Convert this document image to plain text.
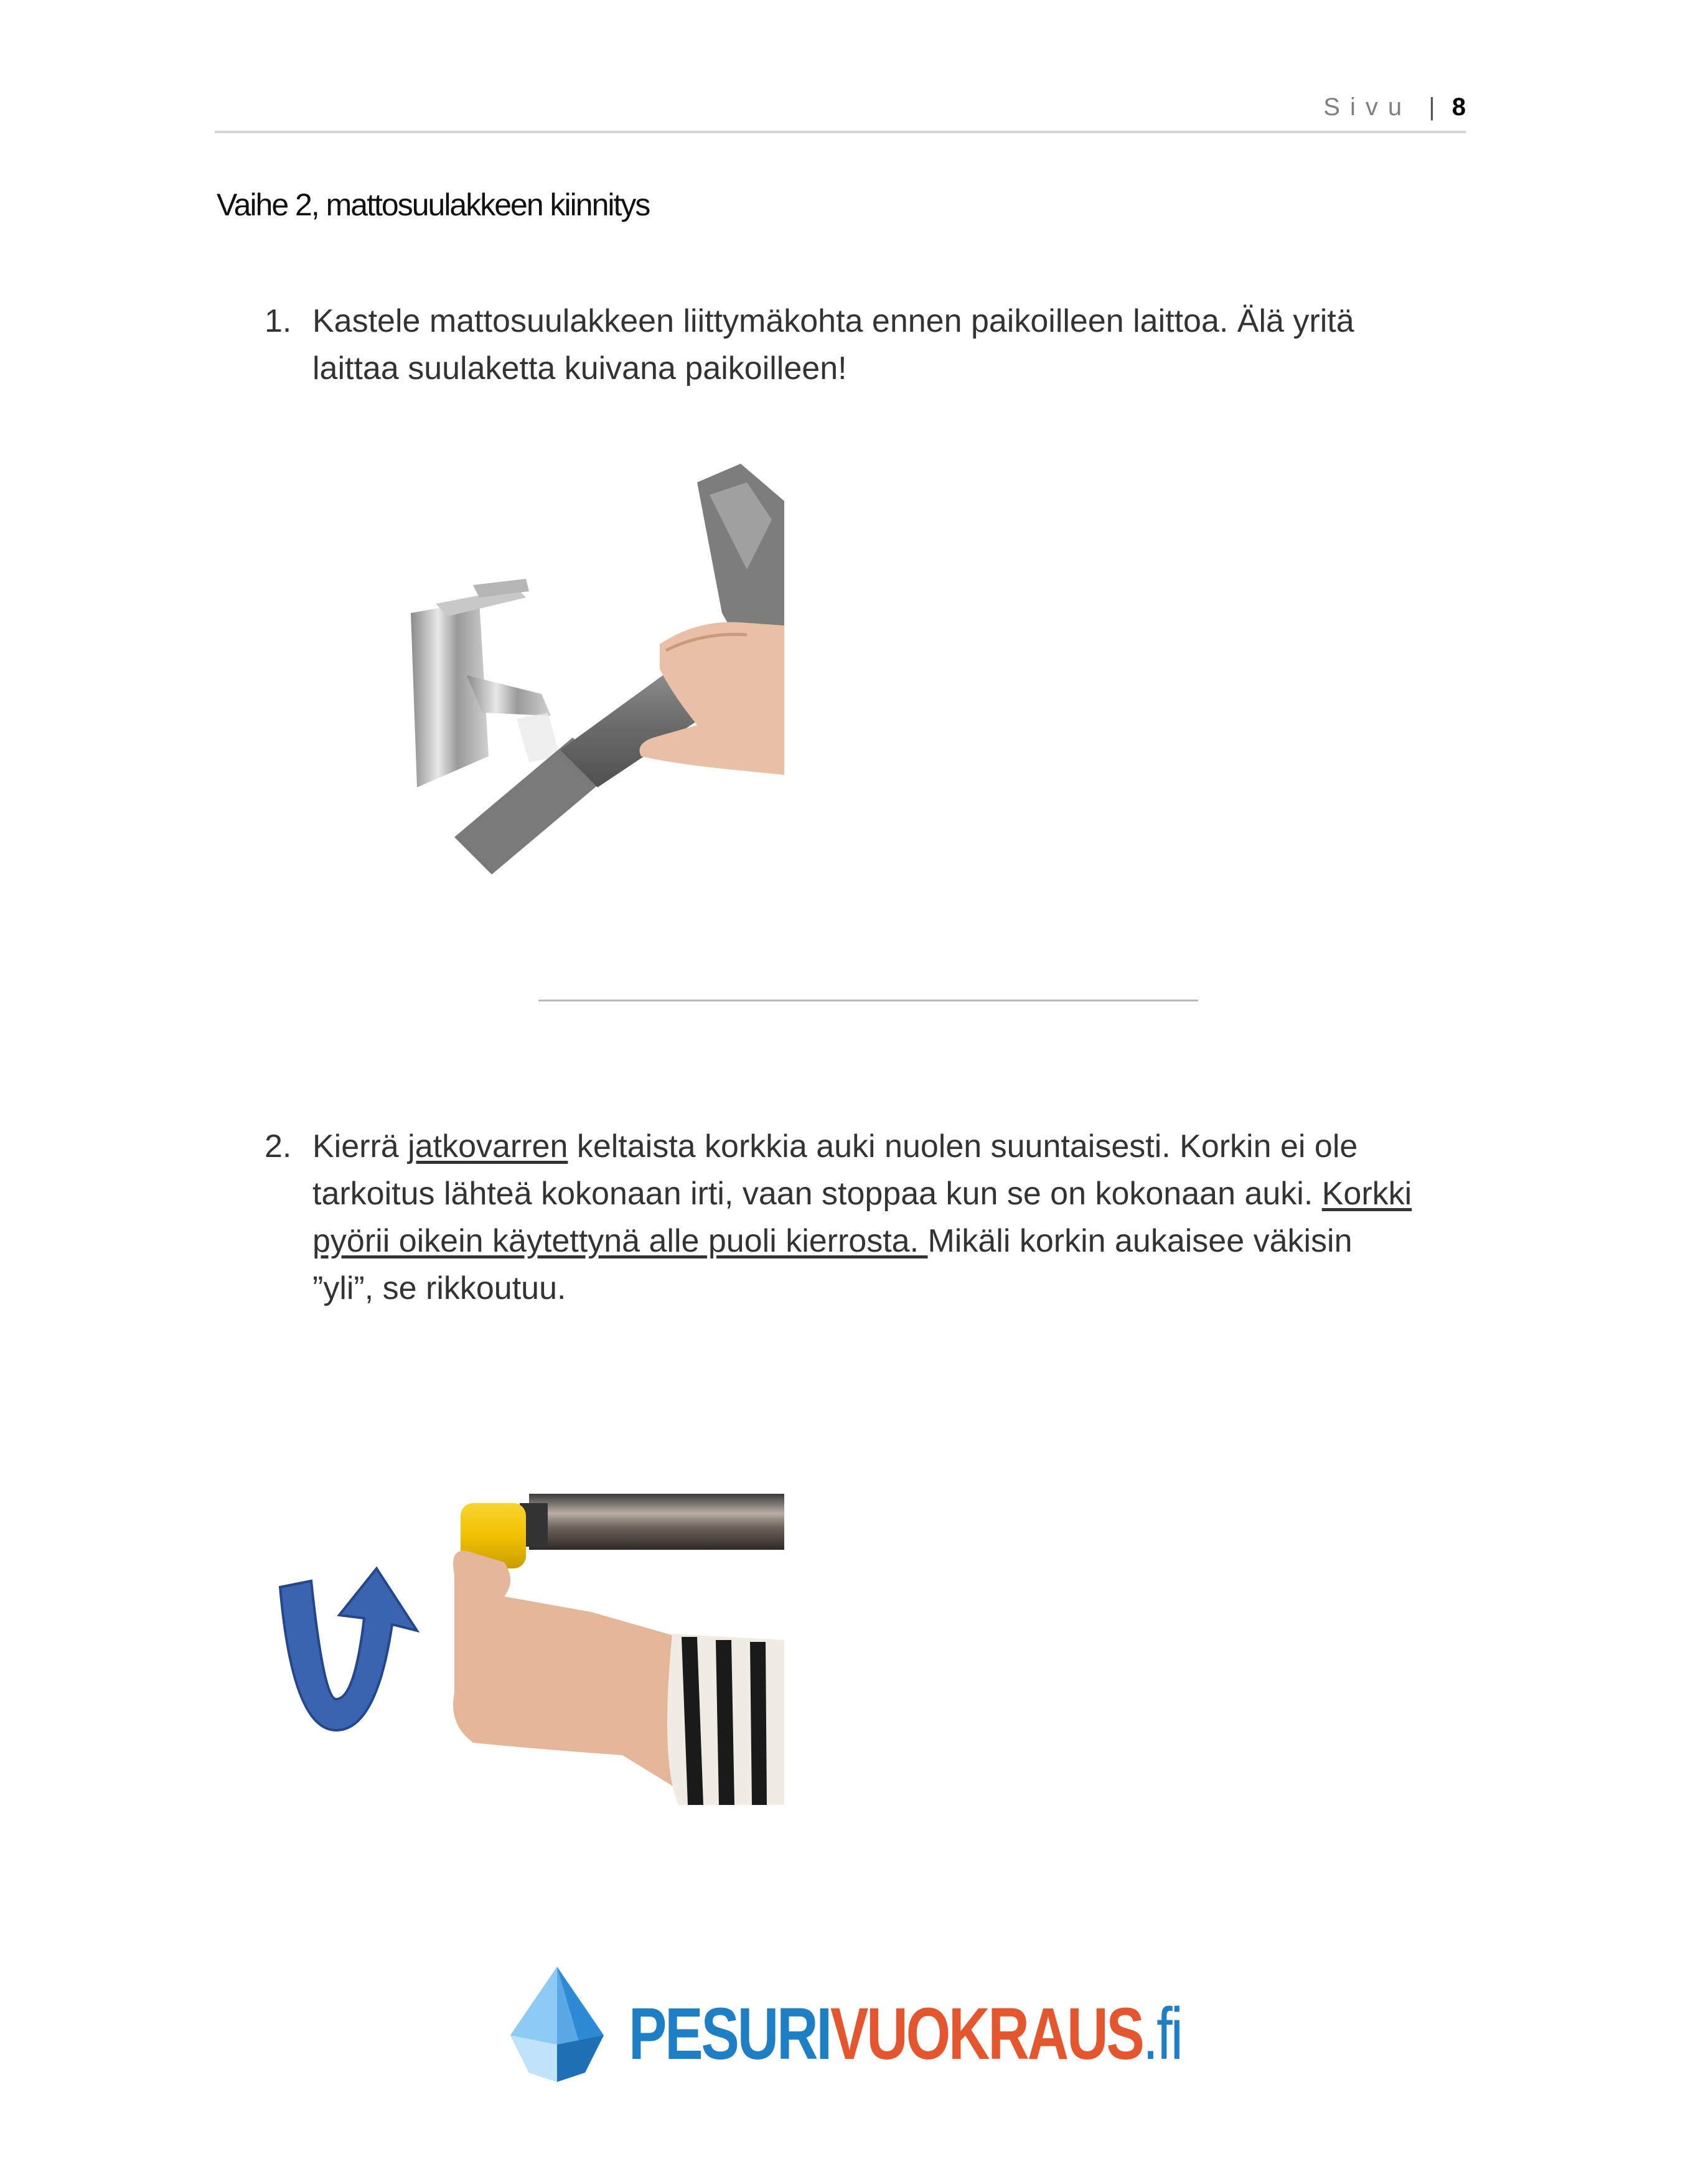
Sivu | 8
Vaihe 2, mattosuulakkeen kiinnitys
1. Kastele mattosuulakkeen liittymäkohta ennen paikoilleen laittoa. Älä yritä
laittaa suulaketta kuivana paikoilleen!
2. Kierrä jatkovarren keltaista korkkia auki nuolen suuntaisesti. Korkin ei ole
tarkoitus lähteä kokonaan irti, vaan stoppaa kun se on kokonaan auki. Korkki
pyörii oikein käytettynä alle puoli kierrosta. Mikäli korkin aukaisee väkisin
”yli”, se rikkoutuu.
PESURIVUOKRAUS.fi
